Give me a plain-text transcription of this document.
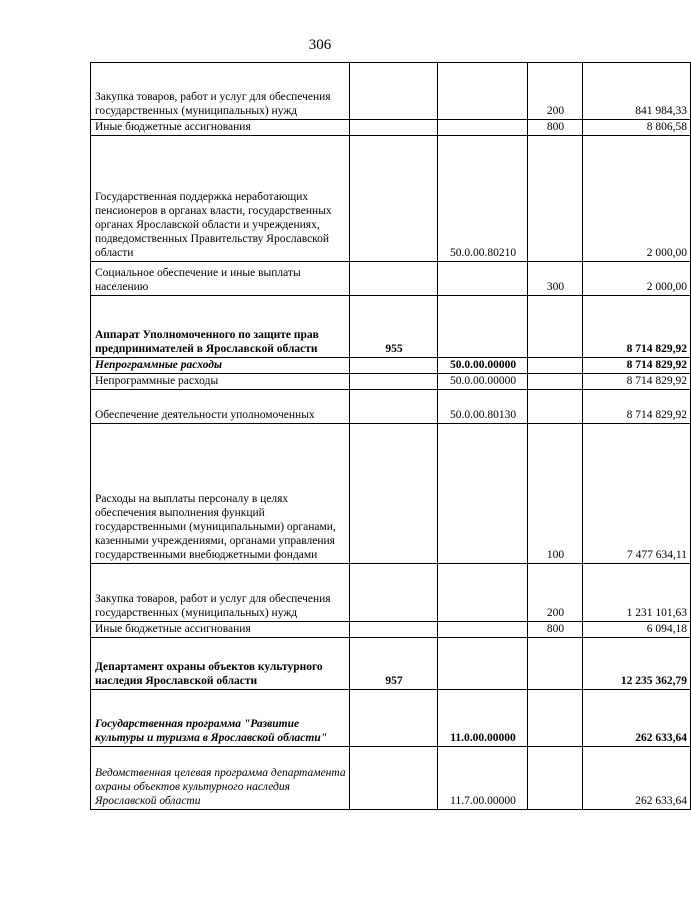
306
Закупка товаров, работ и услуг для обеспечения государственных (муниципальных) нужд			200	841 984,33
Иные бюджетные ассигнования			800	8 806,58
Государственная поддержка неработающих пенсионеров в органах власти, государственных органах Ярославской области и учреждениях, подведомственных Правительству Ярославской области		50.0.00.80210		2 000,00
Социальное обеспечение и иные выплаты населению			300	2 000,00
Аппарат Уполномоченного по защите прав предпринимателей в Ярославской области	955			8 714 829,92
Непрограммные расходы		50.0.00.00000		8 714 829,92
Непрограммные расходы		50.0.00.00000		8 714 829,92
Обеспечение деятельности уполномоченных		50.0.00.80130		8 714 829,92
Расходы на выплаты персоналу в целях обеспечения выполнения функций государственными (муниципальными) органами, казенными учреждениями, органами управления государственными внебюджетными фондами			100	7 477 634,11
Закупка товаров, работ и услуг для обеспечения государственных (муниципальных) нужд			200	1 231 101,63
Иные бюджетные ассигнования			800	6 094,18
Департамент охраны объектов культурного наследия Ярославской области	957			12 235 362,79
Государственная программа "Развитие культуры и туризма в Ярославской области"		11.0.00.00000		262 633,64
Ведомственная целевая программа департамента охраны объектов культурного наследия Ярославской области		11.7.00.00000		262 633,64
